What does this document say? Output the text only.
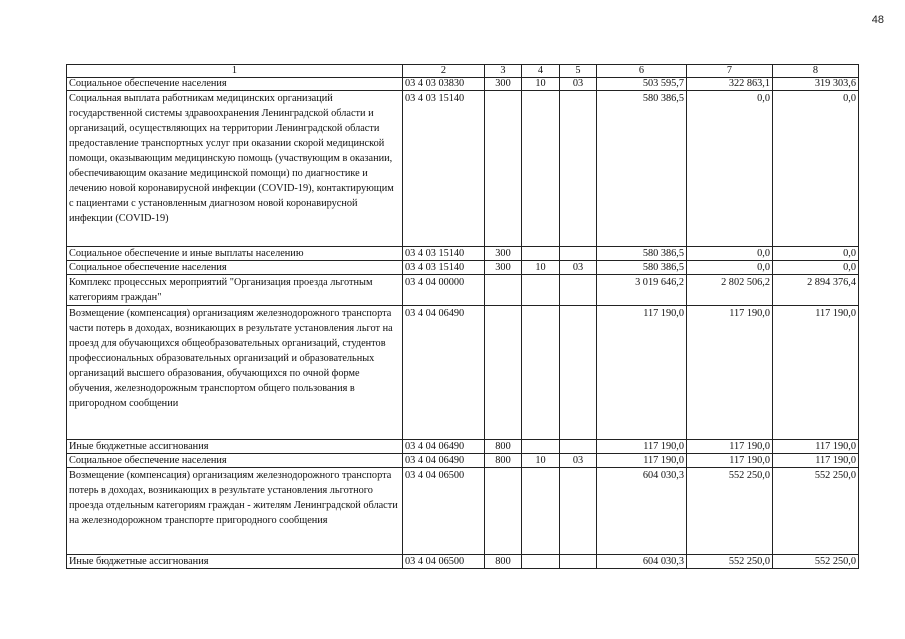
48
1	2	3	4	5	6	7	8
Социальное обеспечение населения	03 4 03 03830	300	10	03	503 595,7	322 863,1	319 303,6
Социальная выплата работникам медицинских организаций государственной системы здравоохранения Ленинградской области и организаций, осуществляющих на территории Ленинградской области предоставление транспортных услуг при оказании скорой медицинской помощи, оказывающим медицинскую помощь (участвующим в оказании, обеспечивающим оказание медицинской помощи) по диагностике и лечению новой коронавирусной инфекции (COVID-19), контактирующим с пациентами с установленным диагнозом новой коронавирусной инфекции (COVID-19)	03 4 03 15140				580 386,5	0,0	0,0
Социальное обеспечение и иные выплаты населению	03 4 03 15140	300			580 386,5	0,0	0,0
Социальное обеспечение населения	03 4 03 15140	300	10	03	580 386,5	0,0	0,0
Комплекс процессных мероприятий "Организация проезда льготным категориям граждан"	03 4 04 00000				3 019 646,2	2 802 506,2	2 894 376,4
Возмещение (компенсация) организациям железнодорожного транспорта части потерь в доходах, возникающих в результате установления льгот на проезд для обучающихся общеобразовательных организаций, студентов профессиональных образовательных организаций и образовательных организаций высшего образования, обучающихся по очной форме обучения, железнодорожным транспортом общего пользования в пригородном сообщении	03 4 04 06490				117 190,0	117 190,0	117 190,0
Иные бюджетные ассигнования	03 4 04 06490	800			117 190,0	117 190,0	117 190,0
Социальное обеспечение населения	03 4 04 06490	800	10	03	117 190,0	117 190,0	117 190,0
Возмещение (компенсация) организациям железнодорожного транспорта потерь в доходах, возникающих в результате установления льготного проезда отдельным категориям граждан - жителям Ленинградской области на железнодорожном транспорте пригородного сообщения	03 4 04 06500				604 030,3	552 250,0	552 250,0
Иные бюджетные ассигнования	03 4 04 06500	800			604 030,3	552 250,0	552 250,0
